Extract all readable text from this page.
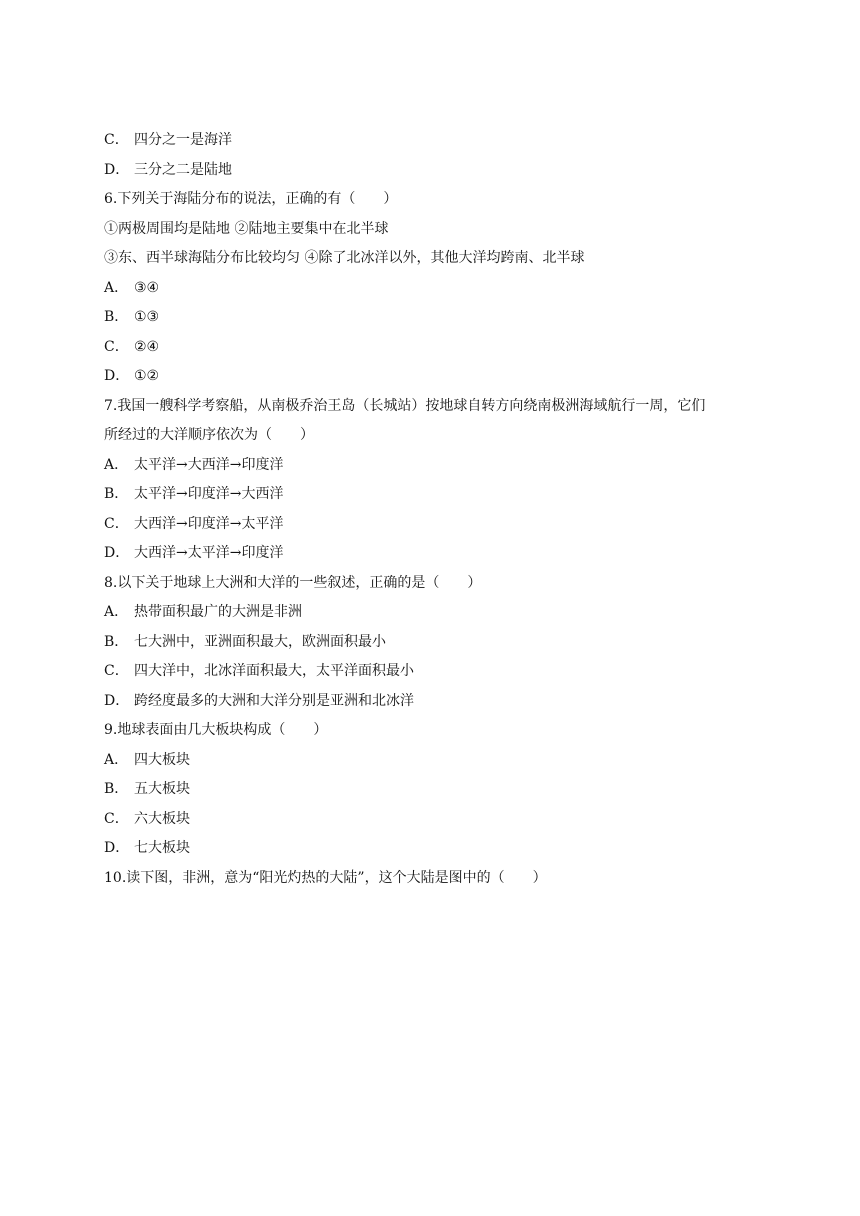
C． 四分之一是海洋
D． 三分之二是陆地
6.下列关于海陆分布的说法，正确的有（　　）
①两极周围均是陆地 ②陆地主要集中在北半球
③东、西半球海陆分布比较均匀 ④除了北冰洋以外，其他大洋均跨南、北半球
A． ③④
B． ①③
C． ②④
D． ①②
7.我国一艘科学考察船，从南极乔治王岛（长城站）按地球自转方向绕南极洲海域航行一周，它们
所经过的大洋顺序依次为（　　）
A． 太平洋→大西洋→印度洋
B． 太平洋→印度洋→大西洋
C． 大西洋→印度洋→太平洋
D． 大西洋→太平洋→印度洋
8.以下关于地球上大洲和大洋的一些叙述，正确的是（　　）
A． 热带面积最广的大洲是非洲
B． 七大洲中，亚洲面积最大，欧洲面积最小
C． 四大洋中，北冰洋面积最大，太平洋面积最小
D． 跨经度最多的大洲和大洋分别是亚洲和北冰洋
9.地球表面由几大板块构成（　　）
A． 四大板块
B． 五大板块
C． 六大板块
D． 七大板块
10.读下图，非洲，意为“阳光灼热的大陆”，这个大陆是图中的（　　）
